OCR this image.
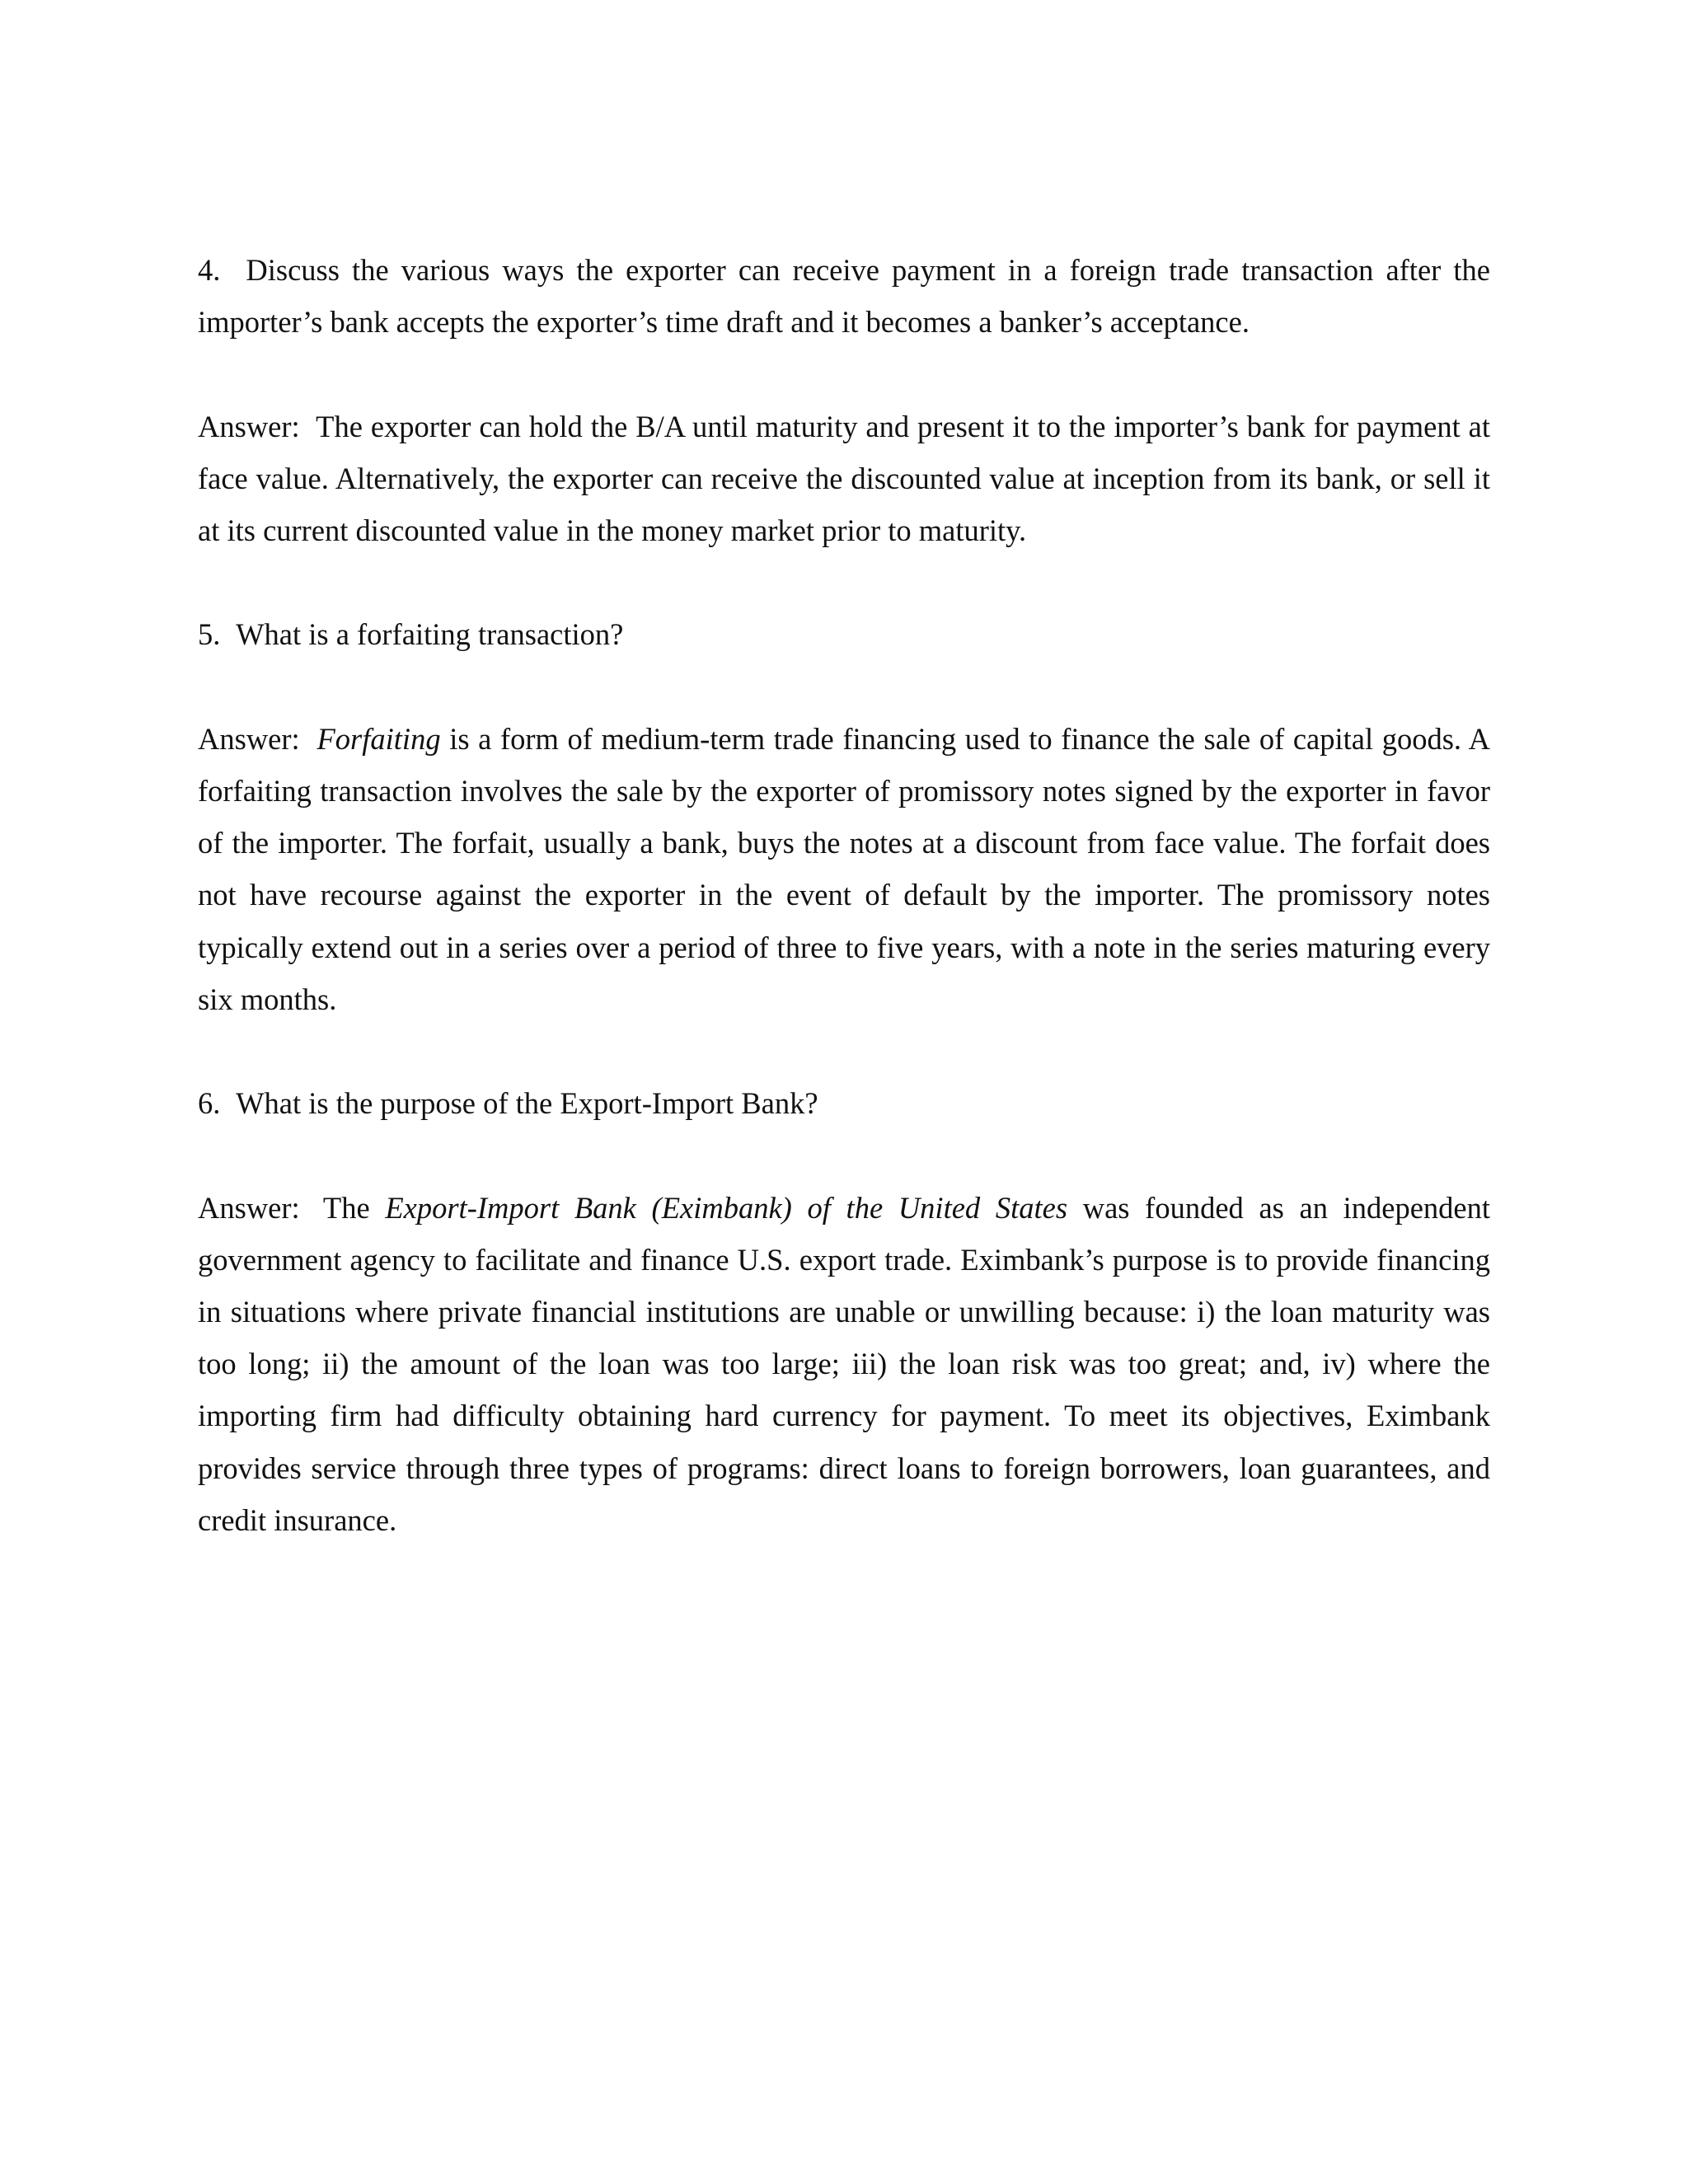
4. Discuss the various ways the exporter can receive payment in a foreign trade transaction after the importer’s bank accepts the exporter’s time draft and it becomes a banker’s acceptance.

Answer: The exporter can hold the B/A until maturity and present it to the importer’s bank for payment at face value. Alternatively, the exporter can receive the discounted value at inception from its bank, or sell it at its current discounted value in the money market prior to maturity.

5. What is a forfaiting transaction?

Answer: Forfaiting is a form of medium-term trade financing used to finance the sale of capital goods. A forfaiting transaction involves the sale by the exporter of promissory notes signed by the exporter in favor of the importer. The forfait, usually a bank, buys the notes at a discount from face value. The forfait does not have recourse against the exporter in the event of default by the importer. The promissory notes typically extend out in a series over a period of three to five years, with a note in the series maturing every six months.

6. What is the purpose of the Export-Import Bank?

Answer: The Export-Import Bank (Eximbank) of the United States was founded as an independent government agency to facilitate and finance U.S. export trade. Eximbank’s purpose is to provide financing in situations where private financial institutions are unable or unwilling because: i) the loan maturity was too long; ii) the amount of the loan was too large; iii) the loan risk was too great; and, iv) where the importing firm had difficulty obtaining hard currency for payment. To meet its objectives, Eximbank provides service through three types of programs: direct loans to foreign borrowers, loan guarantees, and credit insurance.
